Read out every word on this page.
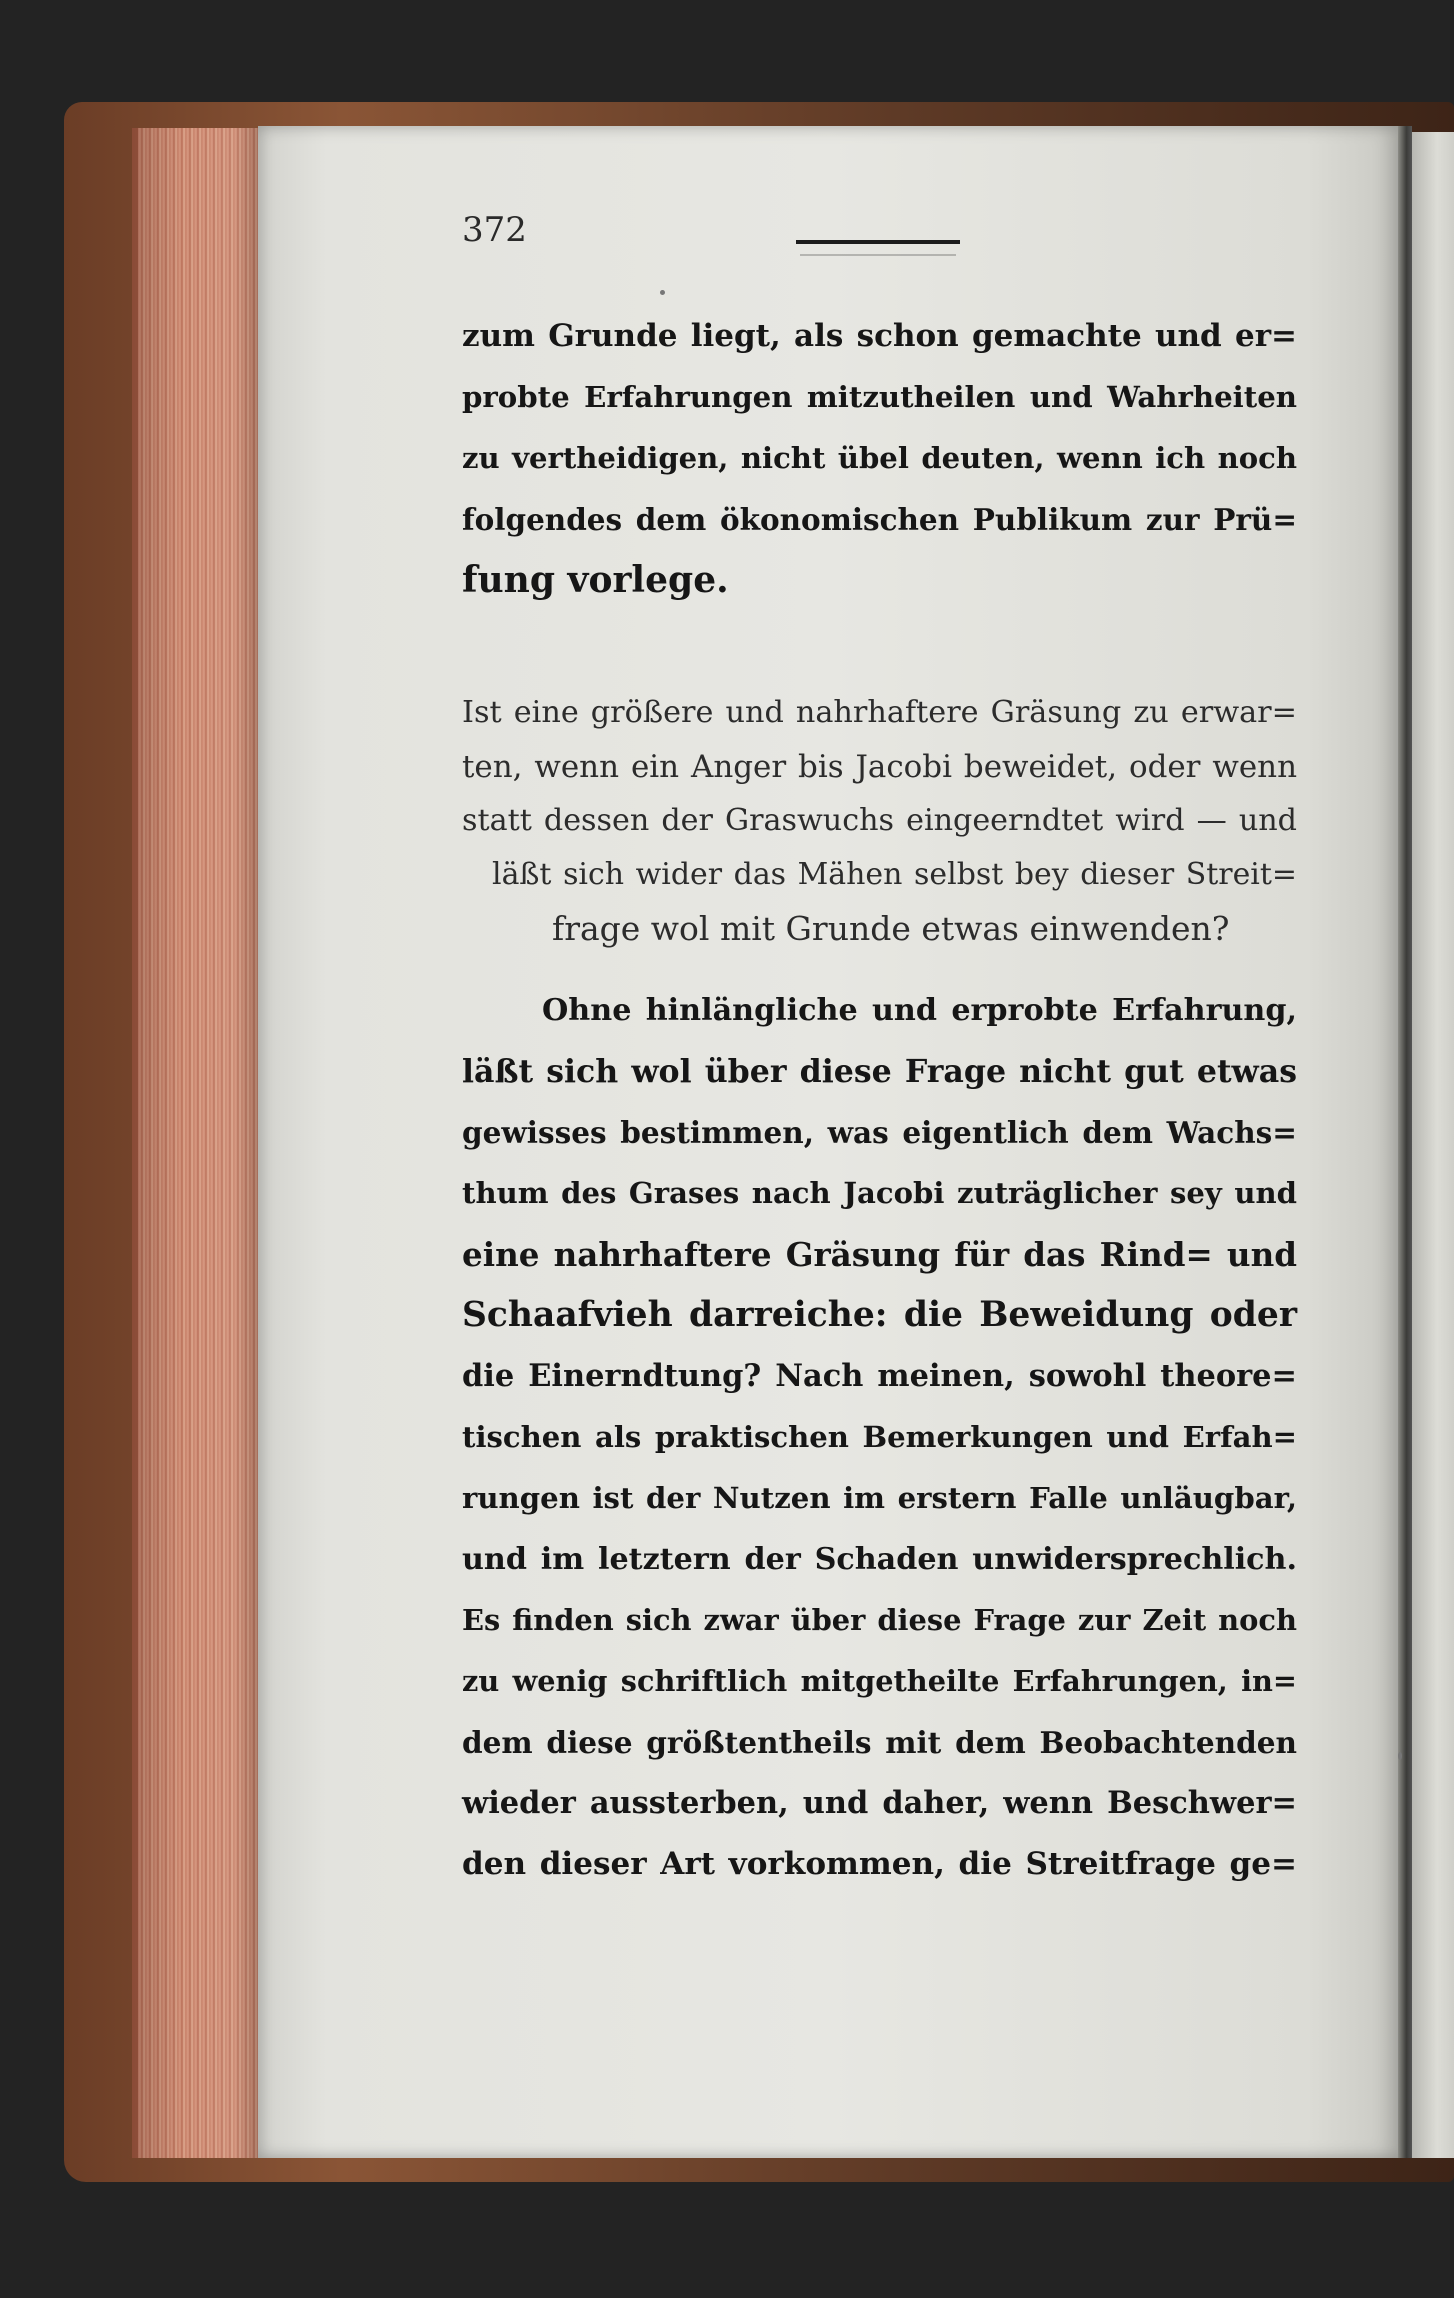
372
zum Grunde liegt, als schon gemachte und er=
probte Erfahrungen mitzutheilen und Wahrheiten
zu vertheidigen, nicht übel deuten, wenn ich noch
folgendes dem ökonomischen Publikum zur Prü=
fung vorlege.
Ist eine größere und nahrhaftere Gräsung zu erwar=
ten, wenn ein Anger bis Jacobi beweidet, oder wenn
statt dessen der Graswuchs eingeerndtet wird — und
läßt sich wider das Mähen selbst bey dieser Streit=
frage wol mit Grunde etwas einwenden?
Ohne hinlängliche und erprobte Erfahrung,
läßt sich wol über diese Frage nicht gut etwas
gewisses bestimmen, was eigentlich dem Wachs=
thum des Grases nach Jacobi zuträglicher sey und
eine nahrhaftere Gräsung für das Rind= und
Schaafvieh darreiche: die Beweidung oder
die Einerndtung? Nach meinen, sowohl theore=
tischen als praktischen Bemerkungen und Erfah=
rungen ist der Nutzen im erstern Falle unläugbar,
und im letztern der Schaden unwidersprechlich.
Es finden sich zwar über diese Frage zur Zeit noch
zu wenig schriftlich mitgetheilte Erfahrungen, in=
dem diese größtentheils mit dem Beobachtenden
wieder aussterben, und daher, wenn Beschwer=
den dieser Art vorkommen, die Streitfrage ge=
